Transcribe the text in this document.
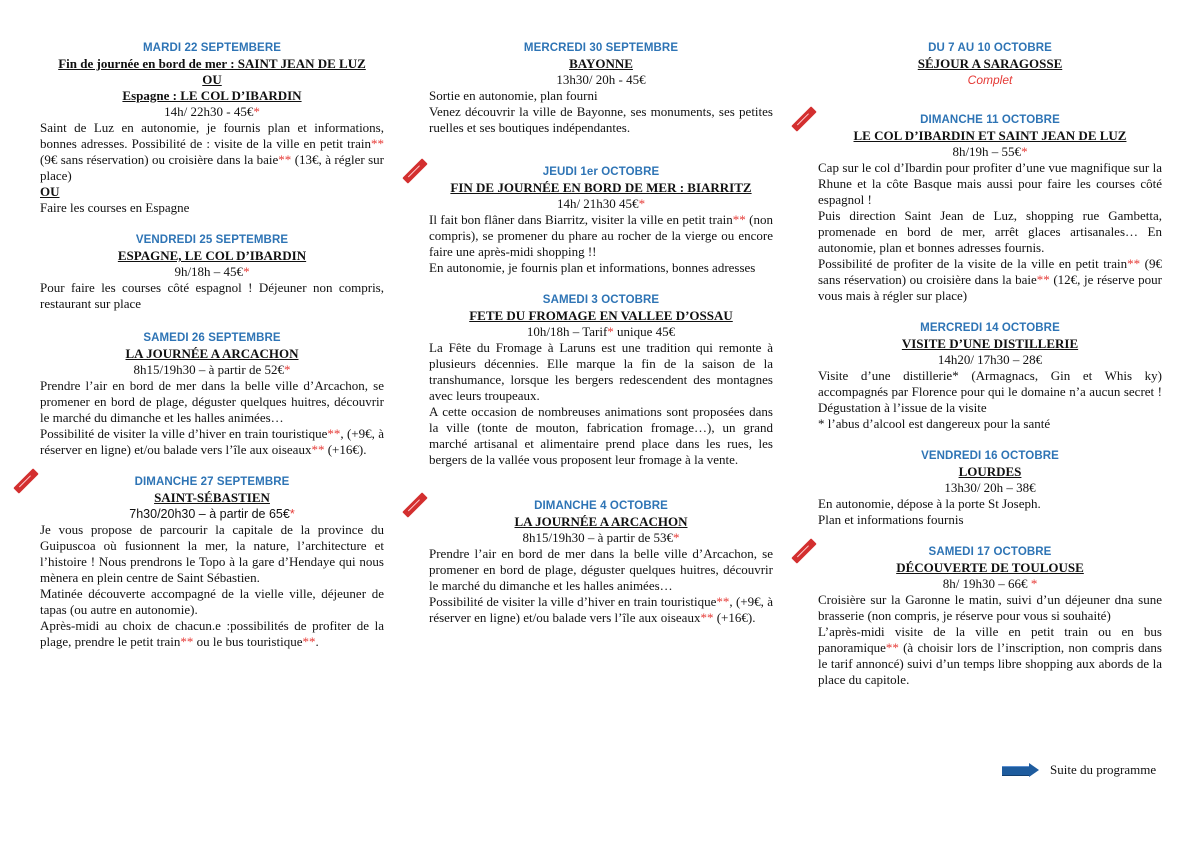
MARDI 22 SEPTEMBERE
Fin de journée en bord de mer : SAINT JEAN DE LUZ
OU
Espagne : LE COL D’IBARDIN
14h/ 22h30 - 45€*

Saint de Luz en autonomie, je fournis plan et informations, bonnes adresses. Possibilité de : visite de la ville en petit train** (9€ sans réservation) ou croisière dans la baie** (13€, à régler sur place)

OU

Faire les courses en Espagne

VENDREDI 25 SEPTEMBRE
ESPAGNE, LE COL D’IBARDIN
9h/18h – 45€*

Pour faire les courses côté espagnol ! Déjeuner non compris, restaurant sur place

SAMEDI 26 SEPTEMBRE
LA JOURNÉE A ARCACHON
8h15/19h30 – à partir de 52€*

Prendre l’air en bord de mer dans la belle ville d’Arcachon, se promener en bord de plage, déguster quelques huitres, découvrir le marché du dimanche et les halles animées…

Possibilité de visiter la ville d’hiver en train touristique**, (+9€, à réserver en ligne) et/ou balade vers l’île aux oiseaux** (+16€).

DIMANCHE 27 SEPTEMBRE
SAINT-SÉBASTIEN
7h30/20h30 – à partir de 65€*

Je vous propose de parcourir la capitale de la province du Guipuscoa où fusionnent la mer, la nature, l’architecture et l’histoire ! Nous prendrons le Topo à la gare d’Hendaye qui nous mènera en plein centre de Saint Sébastien.

Matinée découverte accompagné de la vielle ville, déjeuner de tapas (ou autre en autonomie).

Après-midi au choix de chacun.e :possibilités de profiter de la plage, prendre le petit train** ou le bus touristique**.

MERCREDI 30 SEPTEMBRE
BAYONNE
13h30/ 20h - 45€

Sortie en autonomie, plan fourni

Venez découvrir la ville de Bayonne, ses monuments, ses petites ruelles et ses boutiques indépendantes.

JEUDI 1er OCTOBRE
FIN DE JOURNÉE EN BORD DE MER : BIARRITZ
14h/ 21h30 45€*

Il fait bon flâner dans Biarritz, visiter la ville en petit train** (non compris), se promener du phare au rocher de la vierge ou encore faire une après-midi shopping !!

En autonomie, je fournis plan et informations, bonnes adresses

SAMEDI 3 OCTOBRE
FETE DU FROMAGE EN VALLEE D’OSSAU
10h/18h – Tarif* unique 45€

La Fête du Fromage à Laruns est une tradition qui remonte à plusieurs décennies. Elle marque la fin de la saison de la transhumance, lorsque les bergers redescendent des montagnes avec leurs troupeaux.

A cette occasion de nombreuses animations sont proposées dans la ville (tonte de mouton, fabrication fromage…), un grand marché artisanal et alimentaire prend place dans les rues, les bergers de la vallée vous proposent leur fromage à la vente.

DIMANCHE 4 OCTOBRE
LA JOURNÉE A ARCACHON
8h15/19h30 – à partir de 53€*

Prendre l’air en bord de mer dans la belle ville d’Arcachon, se promener en bord de plage, déguster quelques huitres, découvrir le marché du dimanche et les halles animées…

Possibilité de visiter la ville d’hiver en train touristique**, (+9€, à réserver en ligne) et/ou balade vers l’île aux oiseaux** (+16€).

DU 7 AU 10 OCTOBRE
SÉJOUR A SARAGOSSE
Complet
DIMANCHE 11 OCTOBRE
LE COL D’IBARDIN ET SAINT JEAN DE LUZ
8h/19h – 55€*

Cap sur le col d’Ibardin pour profiter d’une vue magnifique sur la Rhune et la côte Basque mais aussi pour faire les courses côté espagnol !

Puis direction Saint Jean de Luz, shopping rue Gambetta, promenade en bord de mer, arrêt glaces artisanales… En autonomie, plan et bonnes adresses fournis.

Possibilité de profiter de la visite de la ville en petit train** (9€ sans réservation) ou croisière dans la baie** (12€, je réserve pour vous mais à régler sur place)

MERCREDI 14 OCTOBRE
VISITE D’UNE DISTILLERIE
14h20/ 17h30 – 28€

Visite d’une distillerie* (Armagnacs, Gin et Whis ky) accompagnés par Florence pour qui le domaine n’a aucun secret ! Dégustation à l’issue de la visite

* l’abus d’alcool est dangereux pour la santé

VENDREDI 16 OCTOBRE
LOURDES
13h30/ 20h – 38€

En autonomie, dépose à la porte St Joseph.

Plan et informations fournis

SAMEDI 17 OCTOBRE
DÉCOUVERTE DE TOULOUSE
8h/ 19h30 – 66€ *

Croisière sur la Garonne le matin, suivi d’un déjeuner dna sune brasserie (non compris, je réserve pour vous si souhaité)

L’après-midi visite de la ville en petit train ou en bus panoramique** (à choisir lors de l’inscription, non compris dans le tarif annoncé) suivi d’un temps libre shopping aux abords de la place du capitole.

Suite du programme
